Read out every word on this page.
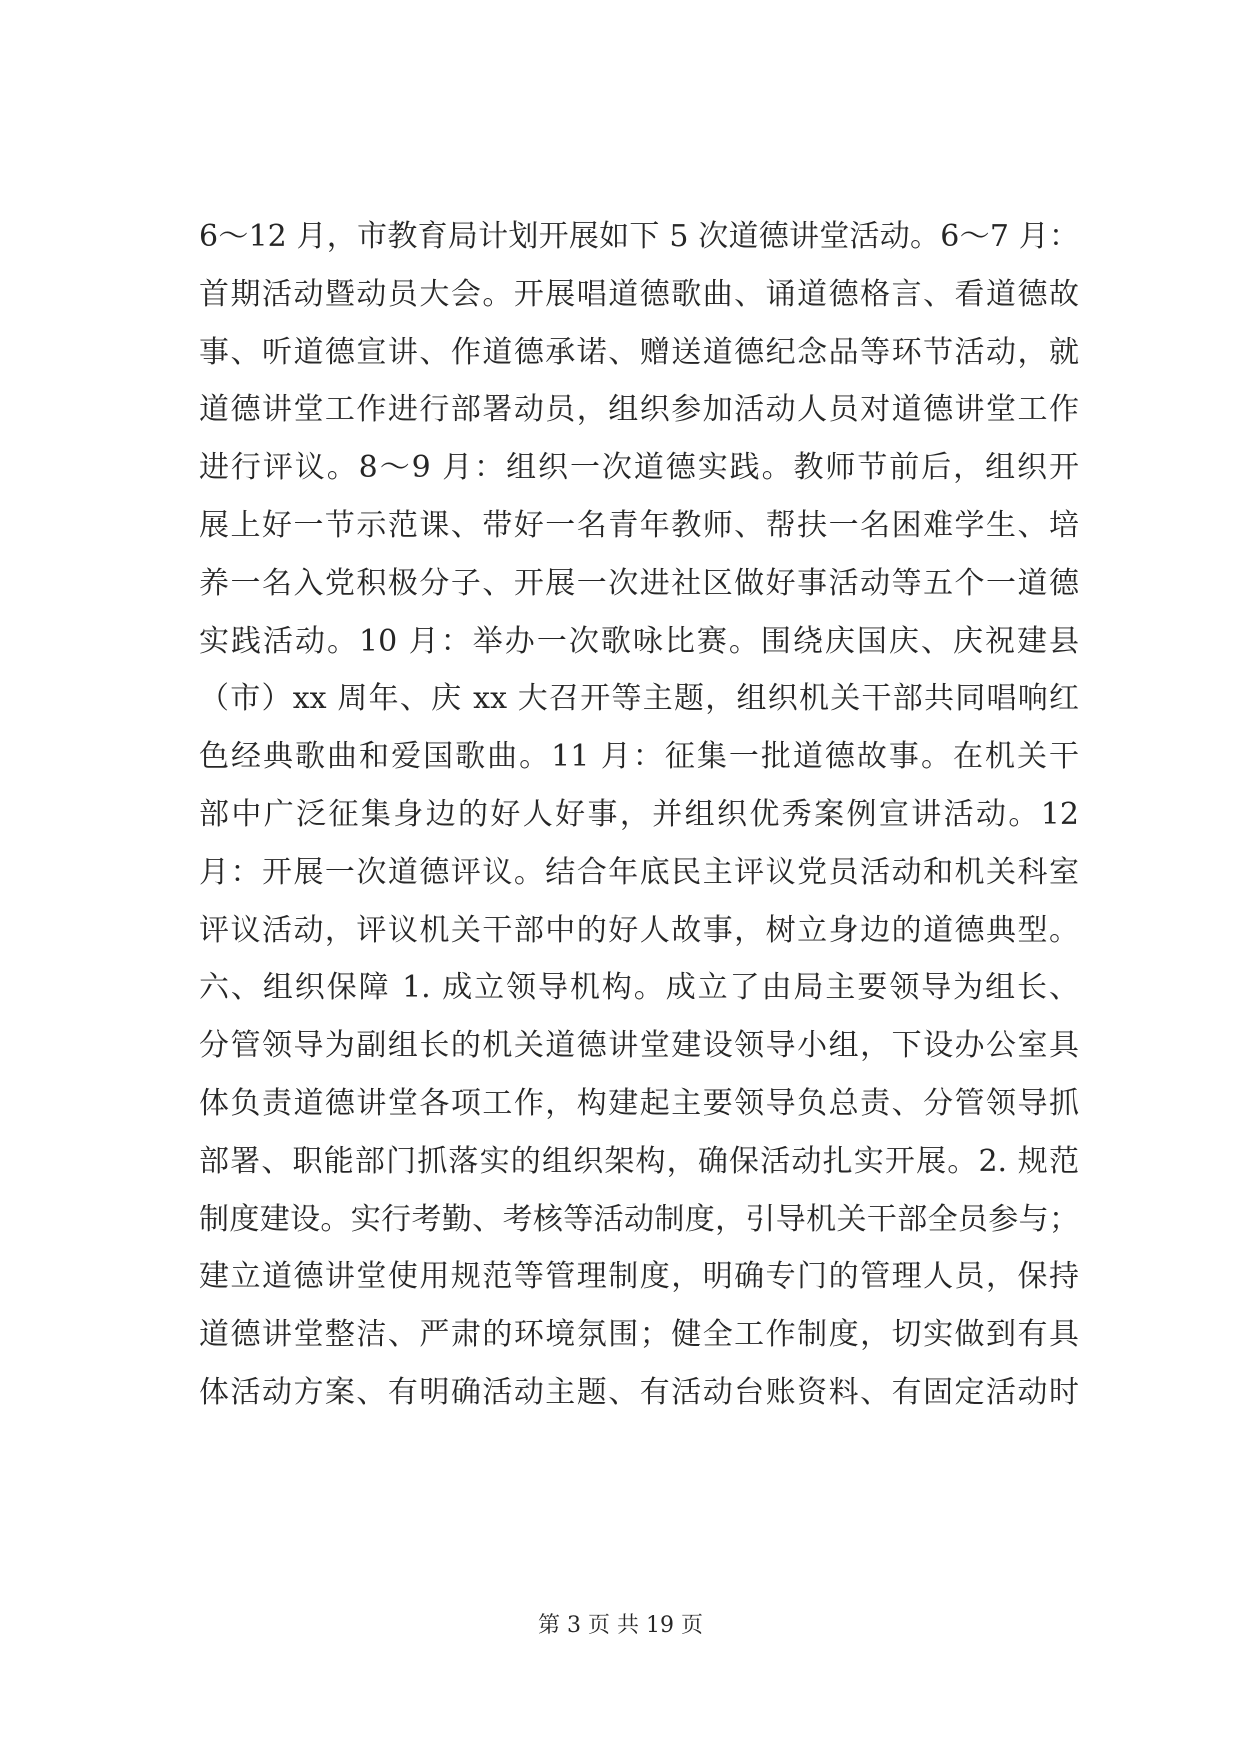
6～12 月，市教育局计划开展如下 5 次道德讲堂活动。6～7 月：
首期活动暨动员大会。开展唱道德歌曲、诵道德格言、看道德故
事、听道德宣讲、作道德承诺、赠送道德纪念品等环节活动，就
道德讲堂工作进行部署动员，组织参加活动人员对道德讲堂工作
进行评议。8～9 月：组织一次道德实践。教师节前后，组织开
展上好一节示范课、带好一名青年教师、帮扶一名困难学生、培
养一名入党积极分子、开展一次进社区做好事活动等五个一道德
实践活动。10 月：举办一次歌咏比赛。围绕庆国庆、庆祝建县
（市）xx 周年、庆 xx 大召开等主题，组织机关干部共同唱响红
色经典歌曲和爱国歌曲。11 月：征集一批道德故事。在机关干
部中广泛征集身边的好人好事，并组织优秀案例宣讲活动。12
月：开展一次道德评议。结合年底民主评议党员活动和机关科室
评议活动，评议机关干部中的好人故事，树立身边的道德典型。
六、组织保障 1. 成立领导机构。成立了由局主要领导为组长、
分管领导为副组长的机关道德讲堂建设领导小组，下设办公室具
体负责道德讲堂各项工作，构建起主要领导负总责、分管领导抓
部署、职能部门抓落实的组织架构，确保活动扎实开展。2. 规范
制度建设。实行考勤、考核等活动制度，引导机关干部全员参与；
建立道德讲堂使用规范等管理制度，明确专门的管理人员，保持
道德讲堂整洁、严肃的环境氛围；健全工作制度，切实做到有具
体活动方案、有明确活动主题、有活动台账资料、有固定活动时
第 3 页 共 19 页
